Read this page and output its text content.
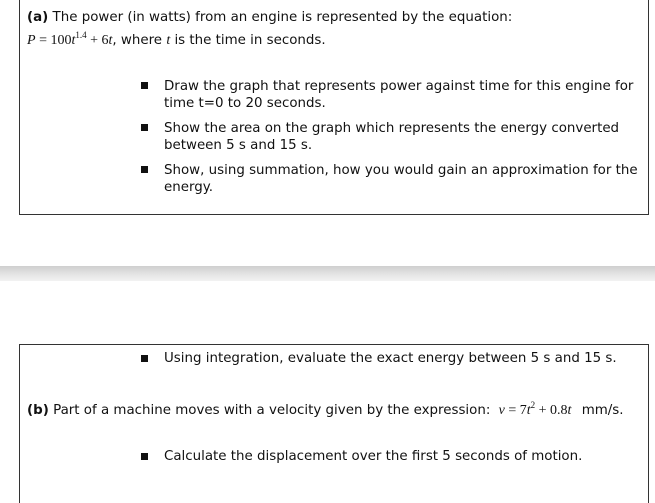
(a) The power (in watts) from an engine is represented by the equation:
$P = 100t^{1.4} + 6t$, where t is the time in seconds.
Draw the graph that represents power against time for this engine for
time t=0 to 20 seconds.
Show the area on the graph which represents the energy converted
between 5 s and 15 s.
Show, using summation, how you would gain an approximation for the
energy.
Using integration, evaluate the exact energy between 5 s and 15 s.
(b) Part of a machine moves with a velocity given by the expression: $v = 7t^2 + 0.8t$ mm/s.
Calculate the displacement over the first 5 seconds of motion.
